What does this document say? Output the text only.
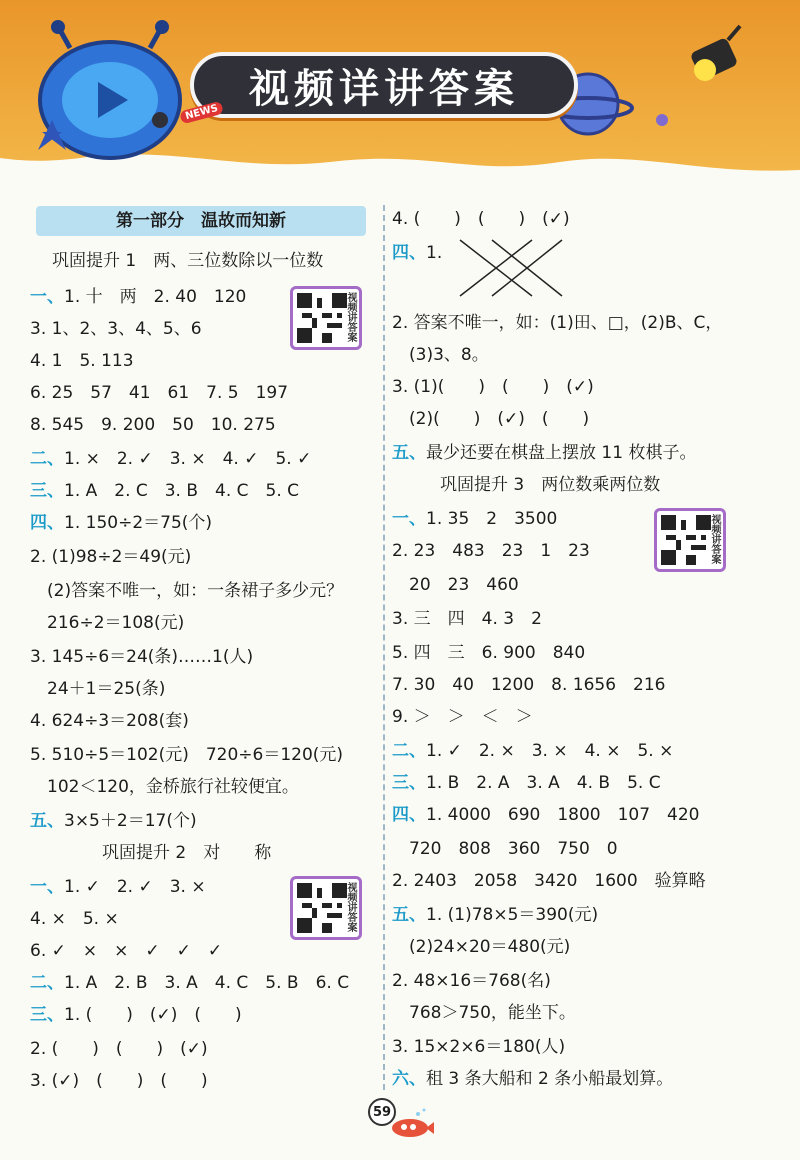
视频详讲答案
NEWS
第一部分　温故而知新
巩固提升 1　两、三位数除以一位数
视频讲答案
一、1. 十　两　2. 40　120
3. 1、2、3、4、5、6
4. 1　5. 113
6. 25　57　41　61　7. 5　197
8. 545　9. 200　50　10. 275
二、1. ×　2. ✓　3. ×　4. ✓　5. ✓
三、1. A　2. C　3. B　4. C　5. C
四、1. 150÷2＝75(个)
2. (1)98÷2＝49(元)
　(2)答案不唯一，如：一条裙子多少元？
　216÷2＝108(元)
3. 145÷6＝24(条)……1(人)
　24＋1＝25(条)
4. 624÷3＝208(套)
5. 510÷5＝102(元)　720÷6＝120(元)
　102＜120，金桥旅行社较便宜。
五、3×5＋2＝17(个)
巩固提升 2　对　　称
视频讲答案
一、1. ✓　2. ✓　3. ×
4. ×　5. ×
6. ✓　×　×　✓　✓　✓
二、1. A　2. B　3. A　4. C　5. B　6. C
三、1. (　　)　(✓)　(　　)
2. (　　)　(　　)　(✓)
3. (✓)　(　　)　(　　)
4. (　　)　(　　)　(✓)
四、1.
2. 答案不唯一，如：(1)田、□，(2)B、C，
　(3)3、8。
3. (1)(　　)　(　　)　(✓)
　(2)(　　)　(✓)　(　　)
五、最少还要在棋盘上摆放 11 枚棋子。
巩固提升 3　两位数乘两位数
视频讲答案
一、1. 35　2　3500
2. 23　483　23　1　23
　20　23　460
3. 三　四　4. 3　2
5. 四　三　6. 900　840
7. 30　40　1200　8. 1656　216
9. ＞　＞　＜　＞
二、1. ✓　2. ×　3. ×　4. ×　5. ×
三、1. B　2. A　3. A　4. B　5. C
四、1. 4000　690　1800　107　420
　720　808　360　750　0
2. 2403　2058　3420　1600　验算略
五、1. (1)78×5＝390(元)
　(2)24×20＝480(元)
2. 48×16＝768(名)
　768＞750，能坐下。
3. 15×2×6＝180(人)
六、租 3 条大船和 2 条小船最划算。
59
